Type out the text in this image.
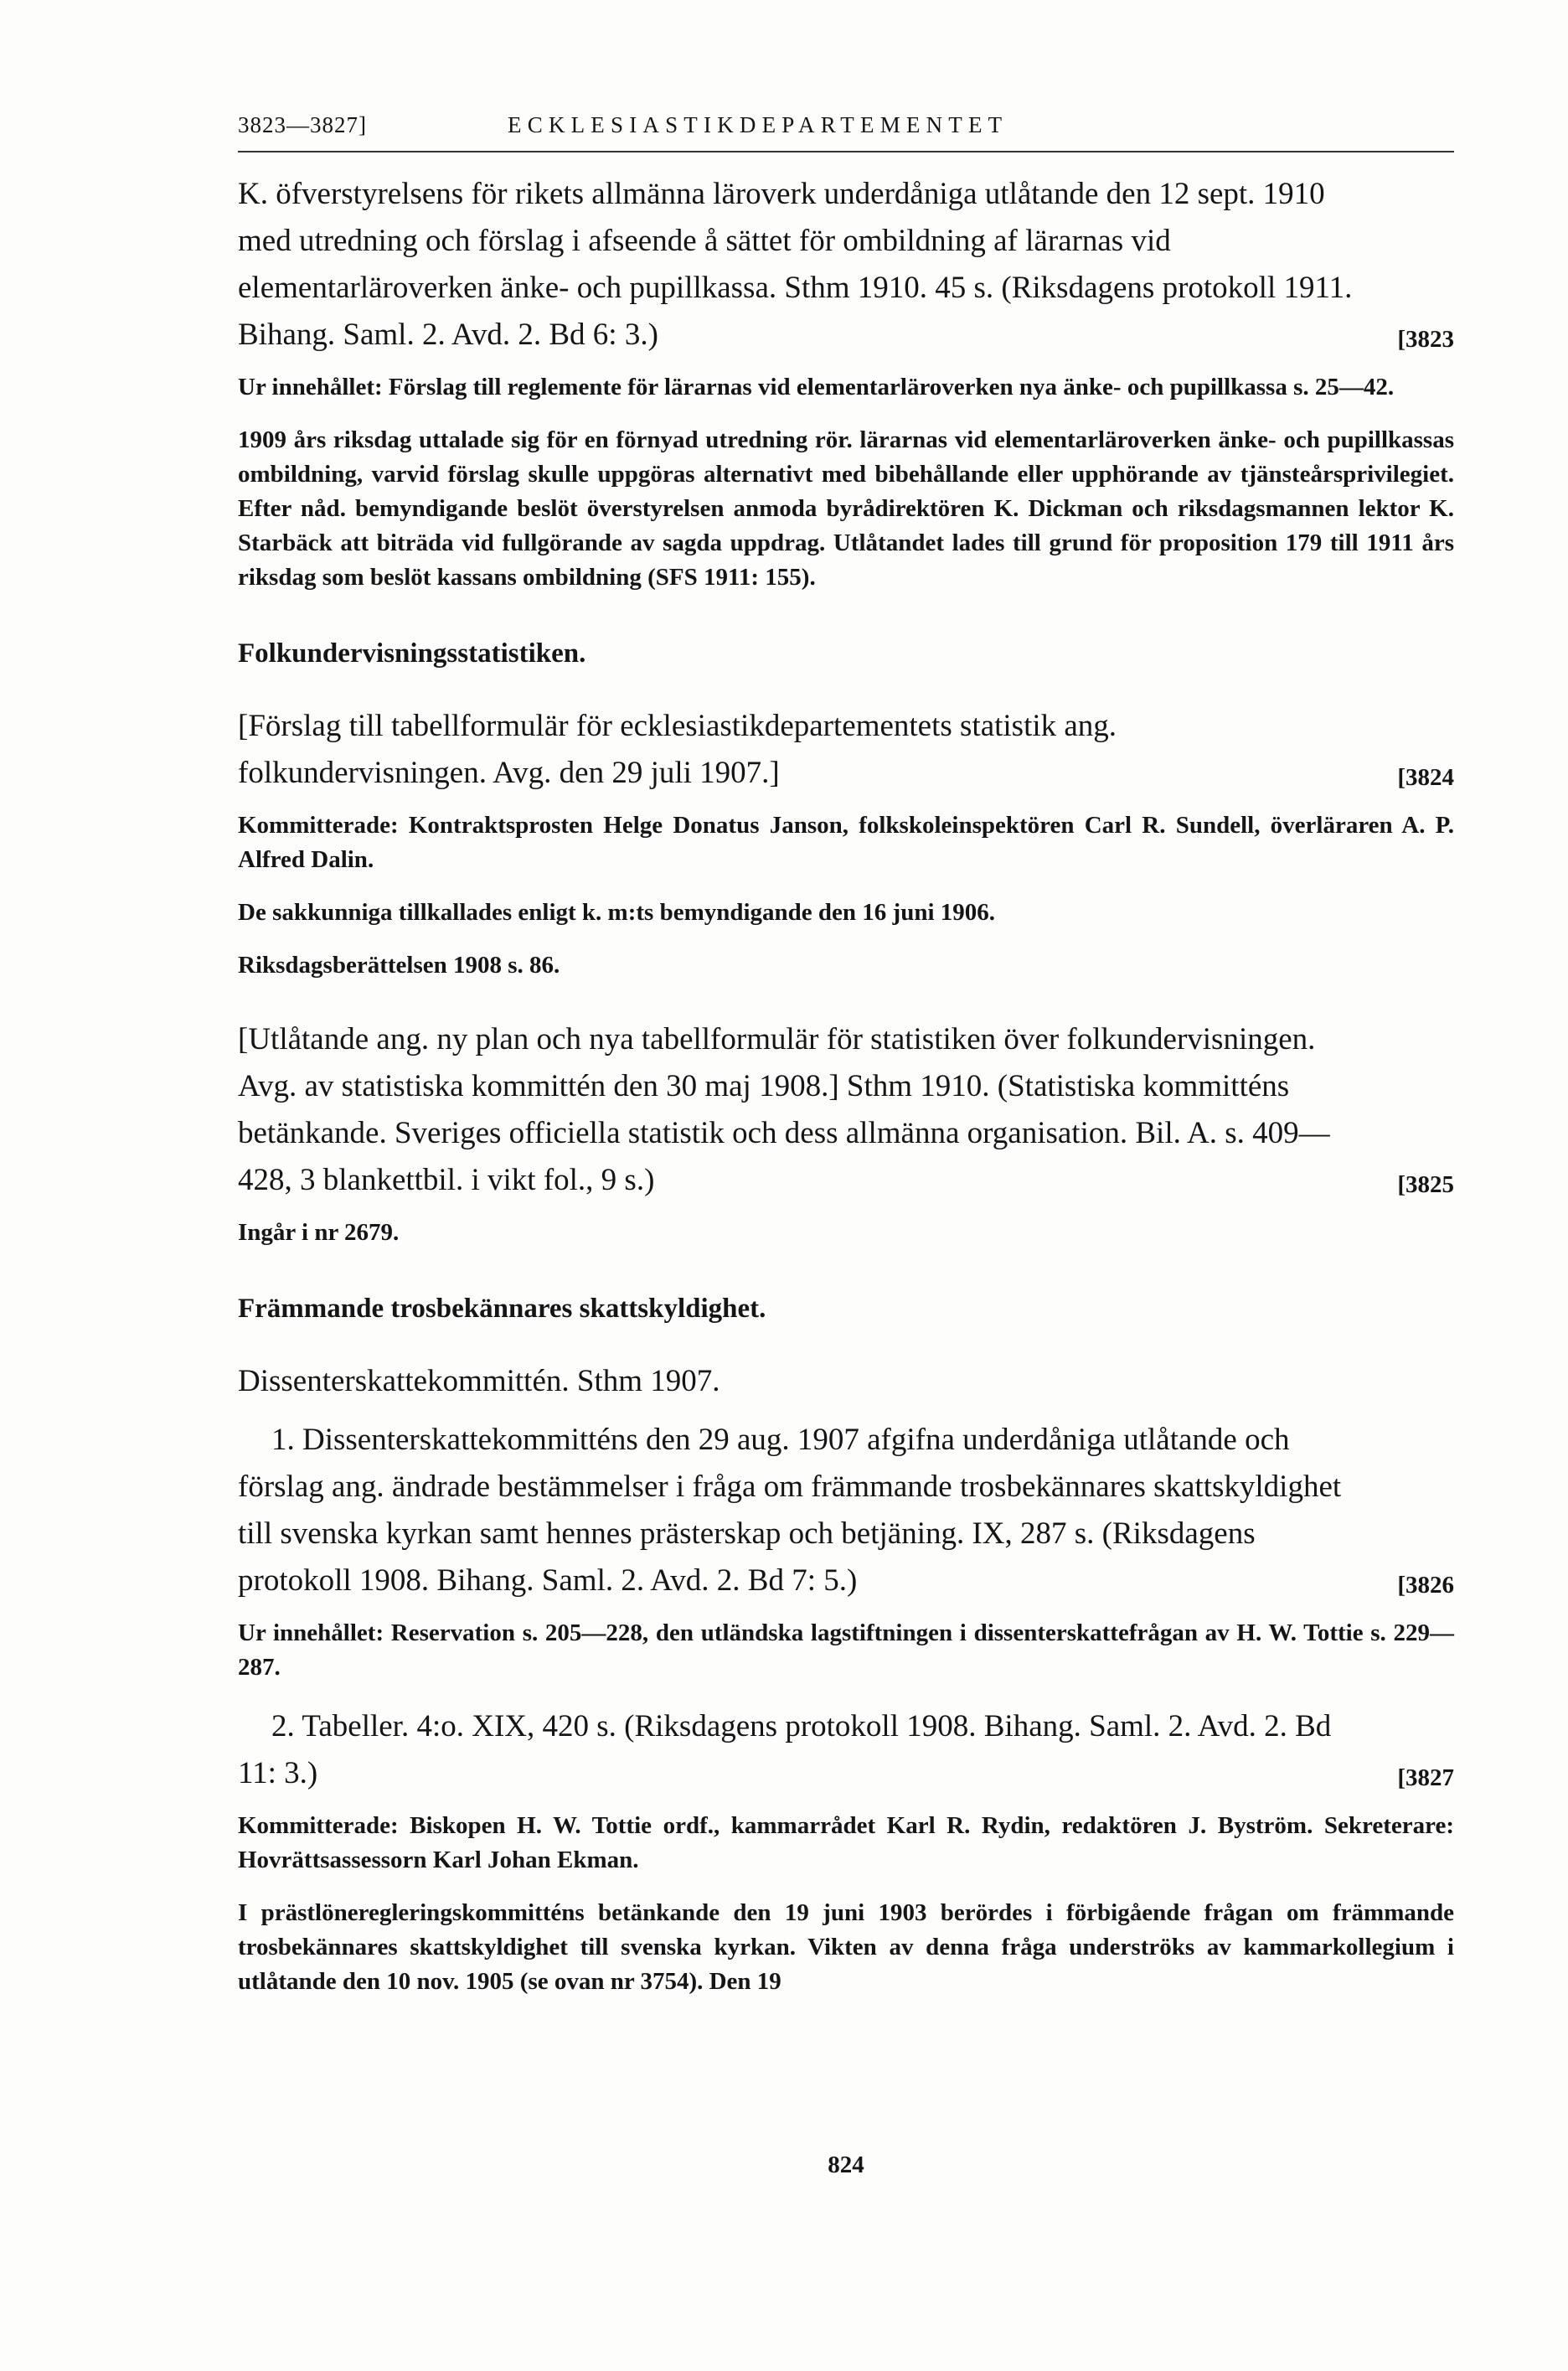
3823—3827]	ECKLESIASTIKDEPARTEMENTET

K. öfverstyrelsens för rikets allmänna läroverk underdåniga utlåtande den 12 sept. 1910 med utredning och förslag i afseende å sättet för ombildning af lärarnas vid elementarläroverken änke- och pupillkassa. Sthm 1910. 45 s. (Riksdagens protokoll 1911. Bihang. Saml. 2. Avd. 2. Bd 6: 3.)	[3823

Ur innehållet: Förslag till reglemente för lärarnas vid elementarläroverken nya änke- och pupillkassa s. 25—42.

1909 års riksdag uttalade sig för en förnyad utredning rör. lärarnas vid elementarläroverken änke- och pupillkassas ombildning, varvid förslag skulle uppgöras alternativt med bibehållande eller upphörande av tjänsteårsprivilegiet. Efter nåd. bemyndigande beslöt överstyrelsen anmoda byrådirektören K. Dickman och riksdagsmannen lektor K. Starbäck att biträda vid fullgörande av sagda uppdrag. Utlåtandet lades till grund för proposition 179 till 1911 års riksdag som beslöt kassans ombildning (SFS 1911: 155).

Folkundervisningsstatistiken.

[Förslag till tabellformulär för ecklesiastikdepartementets statistik ang. folkundervisningen. Avg. den 29 juli 1907.]	[3824

Kommitterade: Kontraktsprosten Helge Donatus Janson, folkskoleinspektören Carl R. Sundell, överläraren A. P. Alfred Dalin.

De sakkunniga tillkallades enligt k. m:ts bemyndigande den 16 juni 1906.

Riksdagsberättelsen 1908 s. 86.

[Utlåtande ang. ny plan och nya tabellformulär för statistiken över folkundervisningen. Avg. av statistiska kommittén den 30 maj 1908.] Sthm 1910. (Statistiska kommitténs betänkande. Sveriges officiella statistik och dess allmänna organisation. Bil. A. s. 409—428, 3 blankettbil. i vikt fol., 9 s.)	[3825

Ingår i nr 2679.

Främmande trosbekännares skattskyldighet.

Dissenterskattekommittén. Sthm 1907.

1. Dissenterskattekommitténs den 29 aug. 1907 afgifna underdåniga utlåtande och förslag ang. ändrade bestämmelser i fråga om främmande trosbekännares skattskyldighet till svenska kyrkan samt hennes prästerskap och betjäning. IX, 287 s. (Riksdagens protokoll 1908. Bihang. Saml. 2. Avd. 2. Bd 7: 5.)	[3826

Ur innehållet: Reservation s. 205—228, den utländska lagstiftningen i dissenterskattefrågan av H. W. Tottie s. 229—287.

2. Tabeller. 4:o. XIX, 420 s. (Riksdagens protokoll 1908. Bihang. Saml. 2. Avd. 2. Bd 11: 3.)	[3827

Kommitterade: Biskopen H. W. Tottie ordf., kammarrådet Karl R. Rydin, redaktören J. Byström. Sekreterare: Hovrättsassessorn Karl Johan Ekman.

I prästlöneregleringskommitténs betänkande den 19 juni 1903 berördes i förbigående frågan om främmande trosbekännares skattskyldighet till svenska kyrkan. Vikten av denna fråga underströks av kammarkollegium i utlåtande den 10 nov. 1905 (se ovan nr 3754). Den 19

824
